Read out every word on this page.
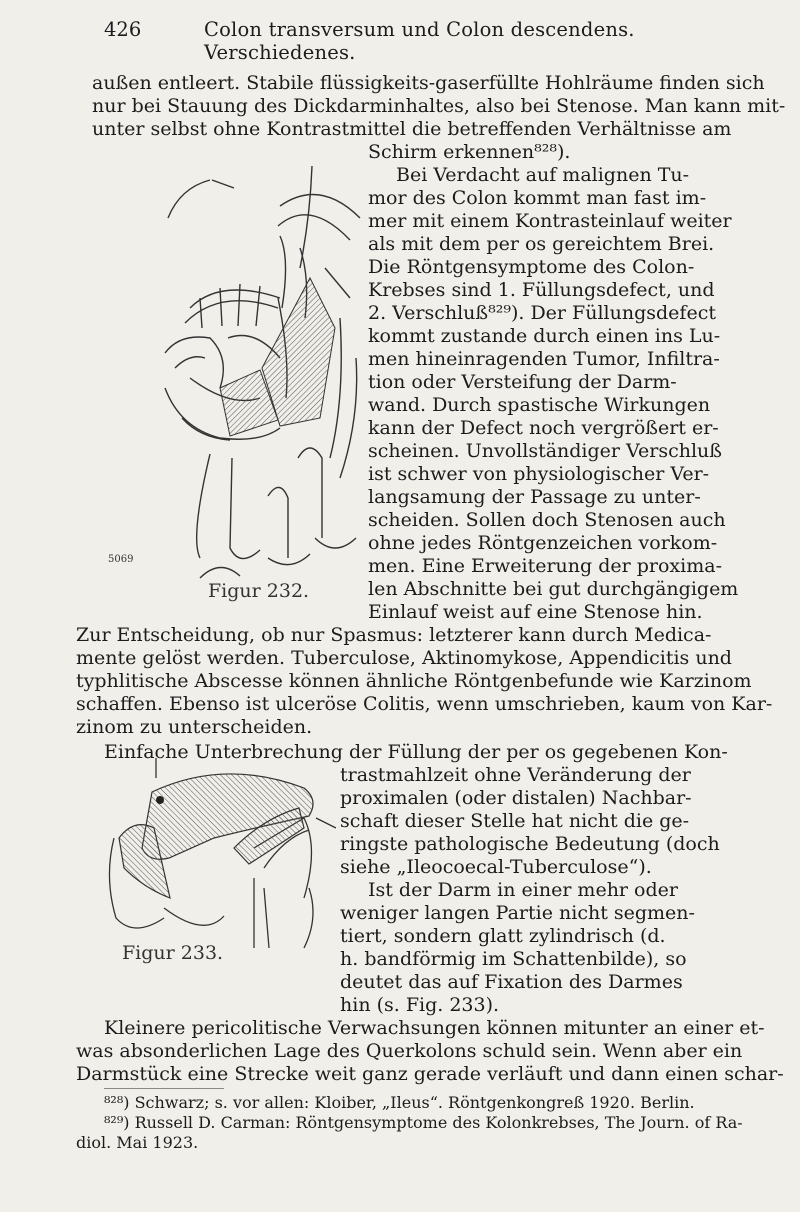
426	Colon transversum und Colon descendens. Verschiedenes.
außen entleert. Stabile flüssigkeits-gaserfüllte Hohlräume finden sich
nur bei Stauung des Dickdarminhaltes, also bei Stenose. Man kann mit-
unter selbst ohne Kontrastmittel die betreffenden Verhältnisse am
Schirm erkennen⁸²⁸).
5069
Figur 232.
Bei Verdacht auf malignen Tu-
mor des Colon kommt man fast im-
mer mit einem Kontrasteinlauf weiter
als mit dem per os gereichtem Brei.
Die Röntgensymptome des Colon-
Krebses sind 1. Füllungsdefect, und
2. Verschluß⁸²⁹). Der Füllungsdefect
kommt zustande durch einen ins Lu-
men hineinragenden Tumor, Infiltra-
tion oder Versteifung der Darm-
wand. Durch spastische Wirkungen
kann der Defect noch vergrößert er-
scheinen. Unvollständiger Verschluß
ist schwer von physiologischer Ver-
langsamung der Passage zu unter-
scheiden. Sollen doch Stenosen auch
ohne jedes Röntgenzeichen vorkom-
men. Eine Erweiterung der proxima-
len Abschnitte bei gut durchgängigem
Einlauf weist auf eine Stenose hin.
Zur Entscheidung, ob nur Spasmus: letzterer kann durch Medica-
mente gelöst werden. Tuberculose, Aktinomykose, Appendicitis und
typhlitische Abscesse können ähnliche Röntgenbefunde wie Karzinom
schaffen. Ebenso ist ulceröse Colitis, wenn umschrieben, kaum von Kar-
zinom zu unterscheiden.
Einfache Unterbrechung der Füllung der per os gegebenen Kon-
trastmahlzeit ohne Veränderung der
proximalen (oder distalen) Nachbar-
schaft dieser Stelle hat nicht die ge-
ringste pathologische Bedeutung (doch
siehe „Ileocoecal-Tuberculose“).
Ist der Darm in einer mehr oder
weniger langen Partie nicht segmen-
tiert, sondern glatt zylindrisch (d.
h. bandförmig im Schattenbilde), so
deutet das auf Fixation des Darmes
hin (s. Fig. 233).
Figur 233.
Kleinere pericolitische Verwachsungen können mitunter an einer et-
was absonderlichen Lage des Querkolons schuld sein. Wenn aber ein
Darmstück eine Strecke weit ganz gerade verläuft und dann einen schar-
⁸²⁸) Schwarz; s. vor allen: Kloiber, „Ileus“. Röntgenkongreß 1920. Berlin.
⁸²⁹) Russell D. Carman: Röntgensymptome des Kolonkrebses, The Journ. of Ra-
diol. Mai 1923.
